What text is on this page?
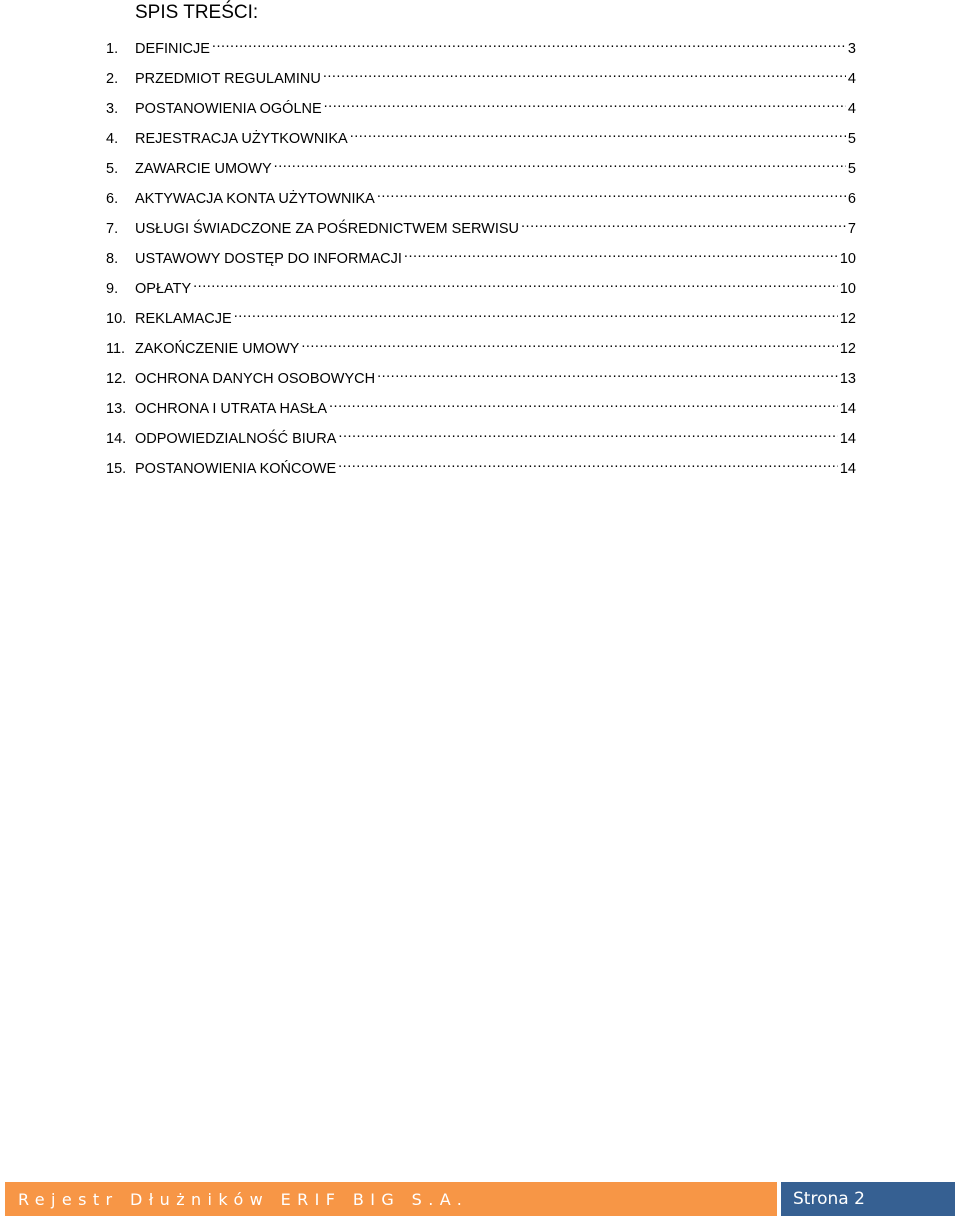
SPIS TREŚCI:
1.	DEFINICJE .....	3
2.	PRZEDMIOT REGULAMINU .....	4
3.	POSTANOWIENIA OGÓLNE .....	4
4.	REJESTRACJA UŻYTKOWNIKA .....	5
5.	ZAWARCIE UMOWY .....	5
6.	AKTYWACJA KONTA UŻYTOWNIKA .....	6
7.	USŁUGI ŚWIADCZONE ZA POŚREDNICTWEM SERWISU .....	7
8.	USTAWOWY DOSTĘP DO INFORMACJI .....	10
9.	OPŁATY .....	10
10. REKLAMACJE .....	12
11. ZAKOŃCZENIE UMOWY .....	12
12. OCHRONA DANYCH OSOBOWYCH .....	13
13. OCHRONA I UTRATA HASŁA .....	14
14. ODPOWIEDZIALNOŚĆ BIURA .....	14
15. POSTANOWIENIA KOŃCOWE .....	14
Rejestr Dłużników ERIF BIG S.A.	Strona 2
